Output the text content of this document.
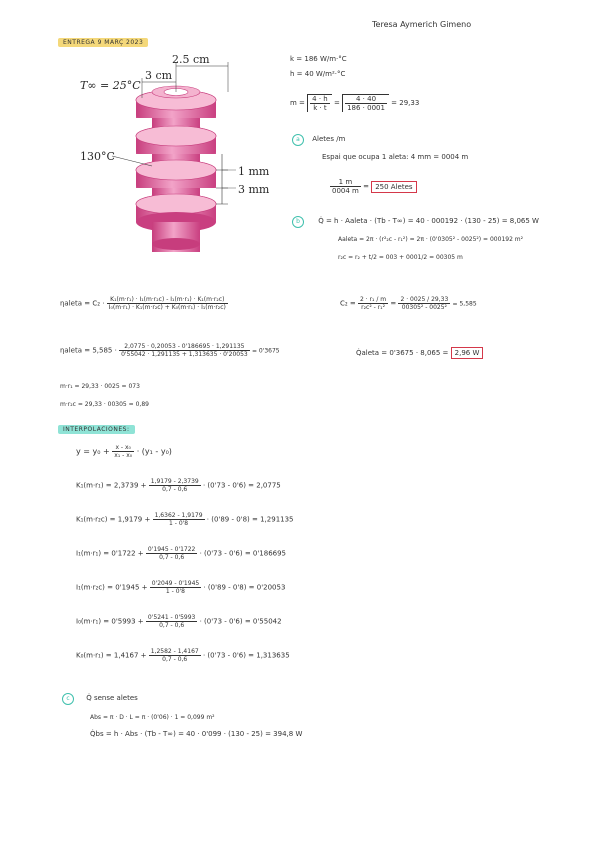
Teresa Aymerich Gimeno
ENTREGA 9 MARÇ 2023
2.5 cm
3 cm
T∞ = 25°C
130°C
1 mm
3 mm
k = 186 W/m·°C
h = 40 W/m²·°C
$m = \frac{4 \cdot h}{k \cdot t} = \frac{4 \cdot 40}{186 \cdot 0001} = 29,33$
a Aletes /m
Espai que ocupa 1 aleta: 4 mm = 0004 m
$\frac{1 m}{0004 m} = 250$ Aletes
b	Q̇ = h · Aaleta · (Tb - T∞) = 40 · 000192 · (130 - 25) = 8,065 W
Aaleta = 2π · (r²₂c - r₁²) = 2π · (0'0305² - 0025²) = 000192 m²
r₂c = r₂ + t/2 = 003 + 0001/2 = 00305 m
ηaleta = $C_2 \cdot \frac{\text{K₁(m·r₁) · I₁(m·r₂c) - I₁(m·r₁) · K₁(m·r₂c)}}{\text{I₀(m·r₁) · K₁(m·r₂c) + K₀(m·r₁) · I₁(m·r₂c)}}$	$C_2 = \frac{\text{2 · r₁ / m}}{\text{r₂c² - r₁²}} = \frac{2 \cdot 0025 / 29,33}{\text{00305² - 0025²}} = 5,585$
ηaleta = $5,585 \cdot \frac{2,0775 \cdot 0,20053 - 0'186695 \cdot 1,291135}{0'55042 \cdot 1,291135 + 1,313635 \cdot 0'20053} = 0'3675$	Q̇aleta = 0'3675 · 8,065 = 2,96 W
m·r₁ = 29,33 · 0025 = 073
m·r₂c = 29,33 · 00305 = 0,89
INTERPOLACIONES:
$y = y_0 + \frac{\text{x - x₀}}{\text{x₁ - x₀}} \cdot (y_1 - y_0)$
$K_1(m\cdot r_1) = 2,3739 + \frac{1,9179 - 2,3739}{0,7 - 0,6} \cdot (0'73 - 0'6) = 2,0775$
$K_1(m\cdot r_2c) = 1,9179 + \frac{1,6362 - 1,9179}{1 - 0'8} \cdot (0'89 - 0'8) = 1,291135$
$I_1(m\cdot r_1) = 0'1722 + \frac{0'1945 - 0'1722}{0,7 - 0,6} \cdot (0'73 - 0'6) = 0'186695$
$I_1(m\cdot r_2c) = 0'1945 + \frac{0'2049 - 0'1945}{1 - 0'8} \cdot (0'89 - 0'8) = 0'20053$
$I_0(m\cdot r_1) = 0'5993 + \frac{0'5241 - 0'5993}{0,7 - 0,6} \cdot (0'73 - 0'6) = 0'55042$
$K_0(m\cdot r_1) = 1,4167 + \frac{1,2582 - 1,4167}{0,7 - 0,6} \cdot (0'73 - 0'6) = 1,313635$
c Q̇ sense aletes
Abs = π · D · L = π · (0'06) · 1 = 0,099 m²
Q̇bs = h · Abs · (Tb - T∞) = 40 · 0'099 · (130 - 25) = 394,8 W
